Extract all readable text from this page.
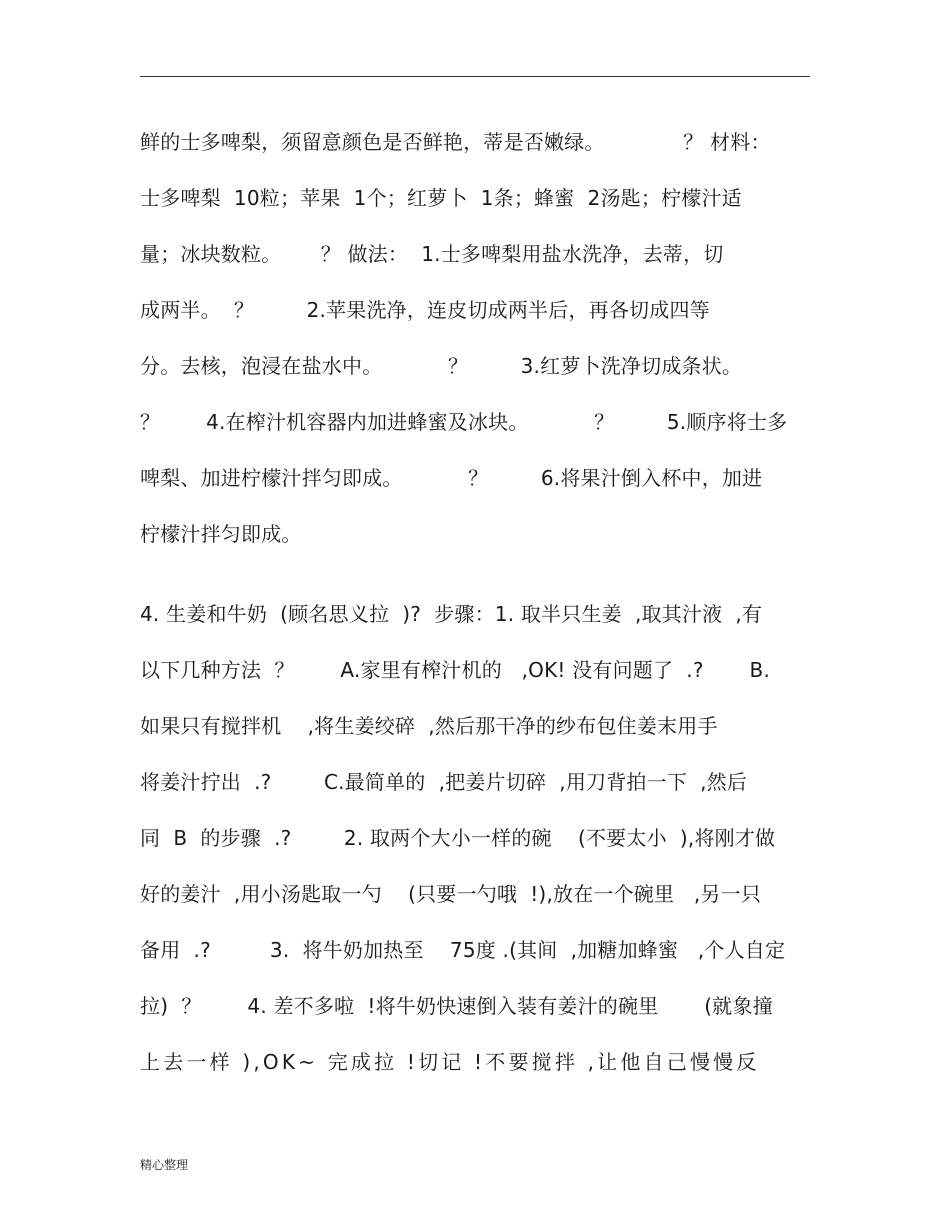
鲜的士多啤梨，须留意颜色是否鲜艳，蒂是否嫩绿。            ？ 材料：
士多啤梨  10粒；苹果  1个；红萝卜  1条；蜂蜜  2汤匙；柠檬汁适
量；冰块数粒。      ？ 做法：  1.士多啤梨用盐水洗净，去蒂，切
成两半。  ？        2.苹果洗净，连皮切成两半后，再各切成四等
分。去核，泡浸在盐水中。          ？        3.红萝卜洗净切成条状。
？       4.在榨汁机容器内加进蜂蜜及冰块。          ？        5.顺序将士多
啤梨、加进柠檬汁拌匀即成。          ？        6.将果汁倒入杯中，加进
柠檬汁拌匀即成。
4. 生姜和牛奶  (顾名思义拉  )?  步骤：1. 取半只生姜  ,取其汁液  ,有
以下几种方法  ？       A.家里有榨汁机的   ,OK! 没有问题了  .?       B.
如果只有搅拌机    ,将生姜绞碎  ,然后那干净的纱布包住姜末用手
将姜汁拧出  .?        C.最简单的  ,把姜片切碎  ,用刀背拍一下  ,然后
同  B  的步骤  .?        2. 取两个大小一样的碗    (不要太小  ),将刚才做
好的姜汁  ,用小汤匙取一勺    (只要一勺哦  !),放在一个碗里   ,另一只
备用  .?         3.  将牛奶加热至    75度 .(其间  ,加糖加蜂蜜   ,个人自定
拉)  ？       4. 差不多啦  !将牛奶快速倒入装有姜汁的碗里       (就象撞
上去一样 ),OK~ 完成拉 !切记 !不要搅拌 ,让他自己慢慢反
精心整理
